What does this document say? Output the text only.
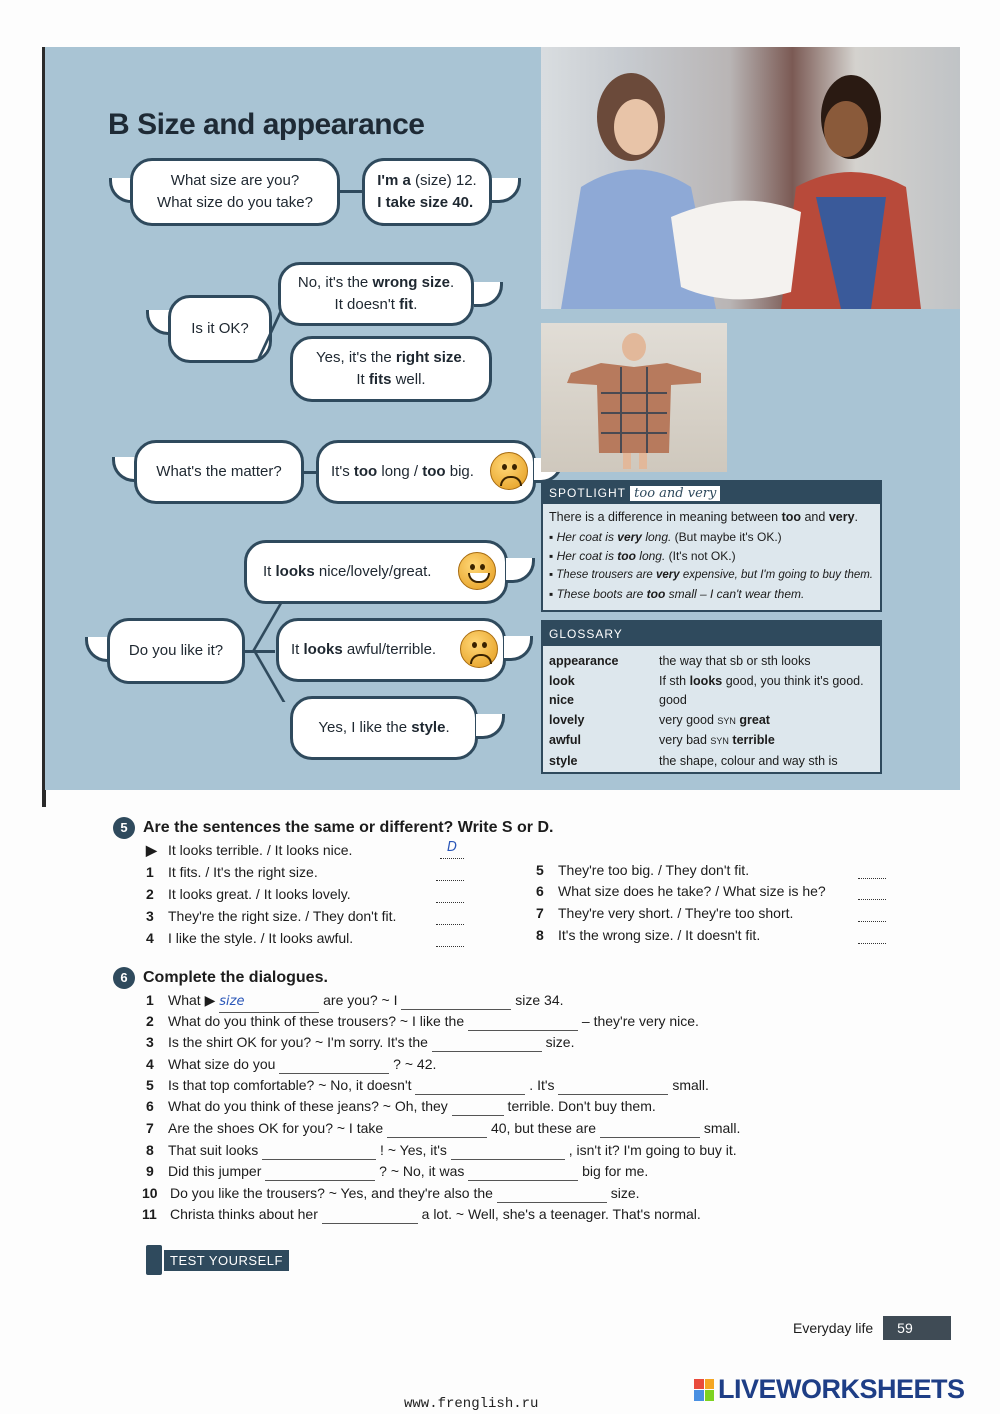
B Size and appearance
What size are you?
What size do you take?
I'm a (size) 12.
I take size 40.
Is it OK?
No, it's the wrong size.
It doesn't fit.
Yes, it's the right size.
It fits well.
What's the matter?	It's too long / too big.
Do you like it?
It looks nice/lovely/great.
It looks awful/terrible.
Yes, I like the style.
SPOTLIGHT too and very
There is a difference in meaning between too and very.
▪ Her coat is very long. (But maybe it's OK.)
▪ Her coat is too long. (It's not OK.)
▪ These trousers are very expensive, but I'm going to buy them.
▪ These boots are too small – I can't wear them.
GLOSSARY
appearance	the way that sb or sth looks
look	If sth looks good, you think it's good.
nice	good
lovely	very good SYN great
awful	very bad SYN terrible
style	the shape, colour and way sth is
5 Are the sentences the same or different? Write S or D.
▶ It looks terrible. / It looks nice.	D
1 It fits. / It's the right size.
2 It looks great. / It looks lovely.
3 They're the right size. / They don't fit.
4 I like the style. / It looks awful.
5 They're too big. / They don't fit.
6 What size does he take? / What size is he?
7 They're very short. / They're too short.
8 It's the wrong size. / It doesn't fit.
6 Complete the dialogues.
1 What ▶ size	are you? ~ I	size 34.
2 What do you think of these trousers? ~ I like the	– they're very nice.
3 Is the shirt OK for you? ~ I'm sorry. It's the	size.
4 What size do you	? ~ 42.
5 Is that top comfortable? ~ No, it doesn't	. It's	small.
6 What do you think of these jeans? ~ Oh, they	terrible. Don't buy them.
7 Are the shoes OK for you? ~ I take	40, but these are	small.
8 That suit looks	! ~ Yes, it's	, isn't it? I'm going to buy it.
9 Did this jumper	? ~ No, it was	big for me.
10 Do you like the trousers? ~ Yes, and they're also the	size.
11 Christa thinks about her	a lot. ~ Well, she's a teenager. That's normal.
TEST YOURSELF
Everyday life	59
www.frenglish.ru	LIVEWORKSHEETS
